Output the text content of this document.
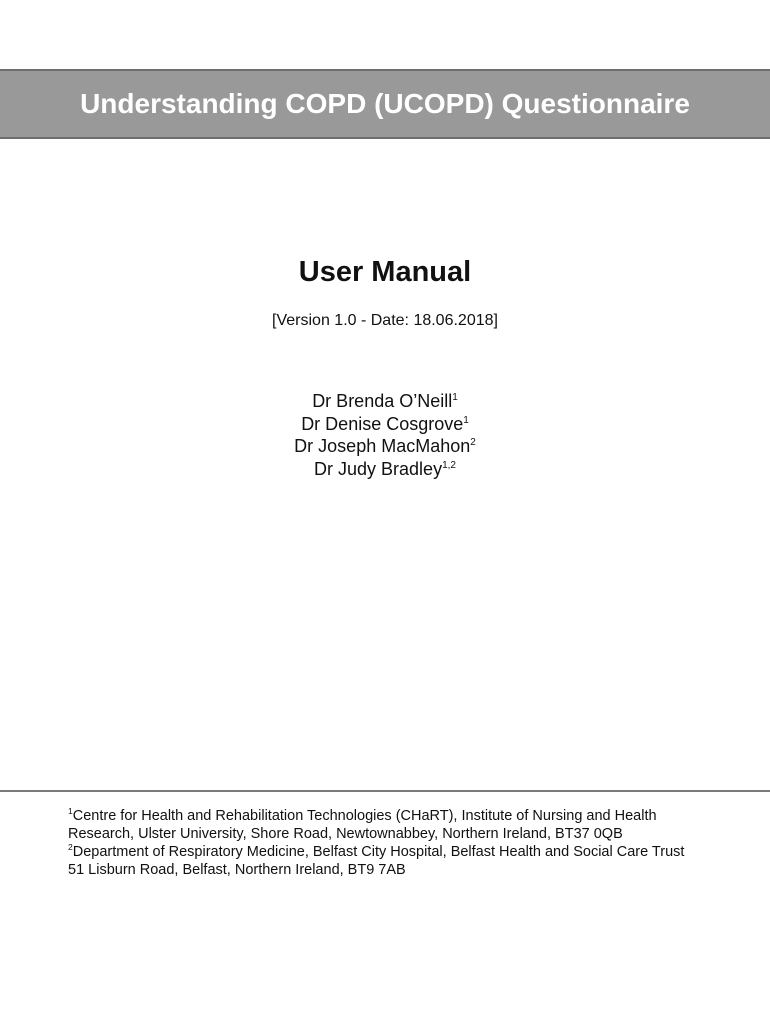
Understanding COPD (UCOPD) Questionnaire
User Manual
[Version 1.0 - Date: 18.06.2018]
Dr Brenda O’Neill$^1$
Dr Denise Cosgrove$^1$
Dr Joseph MacMahon$^2$
Dr Judy Bradley$^{1,2}$
$^1$Centre for Health and Rehabilitation Technologies (CHaRT), Institute of Nursing and Health
Research, Ulster University, Shore Road, Newtownabbey, Northern Ireland, BT37 0QB
$^2$Department of Respiratory Medicine, Belfast City Hospital, Belfast Health and Social Care Trust
51 Lisburn Road, Belfast, Northern Ireland, BT9 7AB
